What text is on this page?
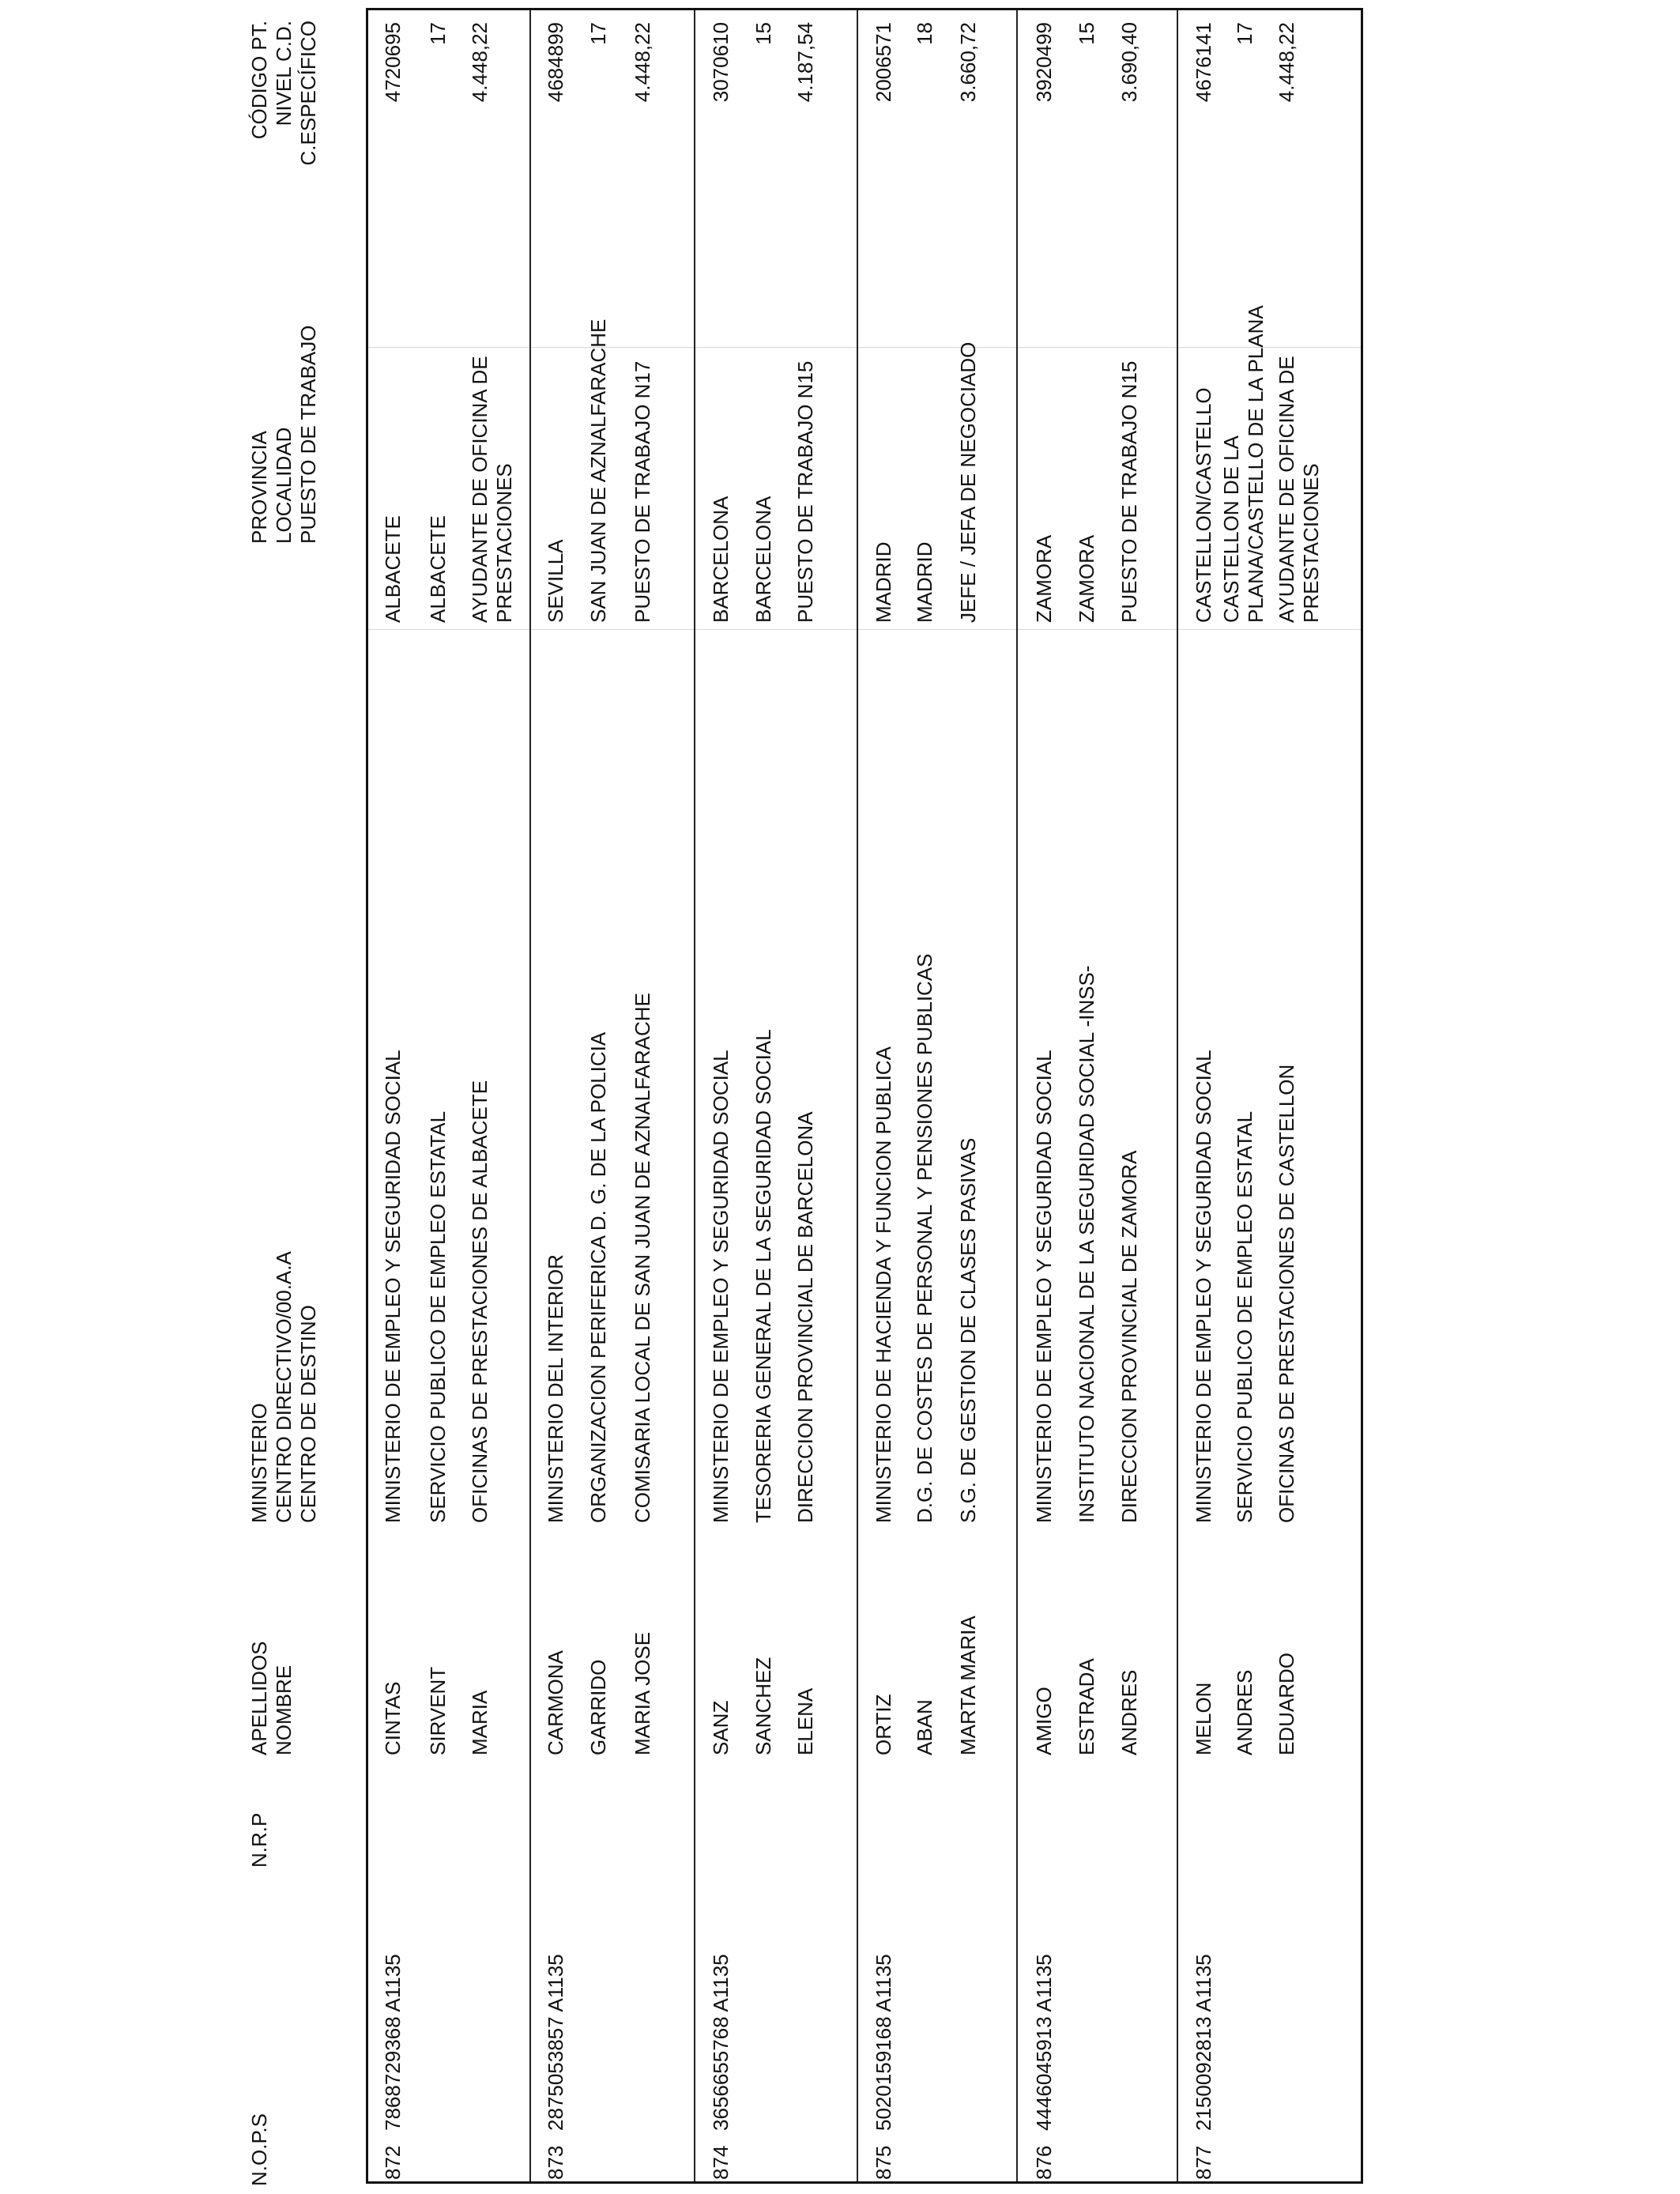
N.O.P.S
N.R.P
APELLIDOS NOMBRE
MINISTERIO CENTRO DIRECTIVO/00.A.A CENTRO DE DESTINO
PROVINCIA LOCALIDAD PUESTO DE TRABAJO
CÓDIGO PT. NIVEL C.D. C.ESPECÍFICO
872
7868729368 A1135
CINTAS SIRVENT MARIA
MINISTERIO DE EMPLEO Y SEGURIDAD SOCIAL SERVICIO PUBLICO DE EMPLEO ESTATAL OFICINAS DE PRESTACIONES DE ALBACETE
ALBACETE ALBACETE AYUDANTE DE OFICINA DE PRESTACIONES
4720695 17 4.448,22
873
2875053857 A1135
CARMONA GARRIDO MARIA JOSE
MINISTERIO DEL INTERIOR ORGANIZACION PERIFERICA D. G. DE LA POLICIA COMISARIA LOCAL DE SAN JUAN DE AZNALFARACHE
SEVILLA SAN JUAN DE AZNALFARACHE PUESTO DE TRABAJO N17
4684899 17 4.448,22
874
3656655768 A1135
SANZ SANCHEZ ELENA
MINISTERIO DE EMPLEO Y SEGURIDAD SOCIAL TESORERIA GENERAL DE LA SEGURIDAD SOCIAL DIRECCION PROVINCIAL DE BARCELONA
BARCELONA BARCELONA PUESTO DE TRABAJO N15
3070610 15 4.187,54
875
5020159168 A1135
ORTIZ ABAN MARTA MARIA
MINISTERIO DE HACIENDA Y FUNCION PUBLICA D.G. DE COSTES DE PERSONAL Y PENSIONES PUBLICAS S.G. DE GESTION DE CLASES PASIVAS
MADRID MADRID JEFE / JEFA DE NEGOCIADO
2006571 18 3.660,72
876
4446045913 A1135
AMIGO ESTRADA ANDRES
MINISTERIO DE EMPLEO Y SEGURIDAD SOCIAL INSTITUTO NACIONAL DE LA SEGURIDAD SOCIAL -INSS- DIRECCION PROVINCIAL DE ZAMORA
ZAMORA ZAMORA PUESTO DE TRABAJO N15
3920499 15 3.690,40
877
2150092813 A1135
MELON ANDRES EDUARDO
MINISTERIO DE EMPLEO Y SEGURIDAD SOCIAL SERVICIO PUBLICO DE EMPLEO ESTATAL OFICINAS DE PRESTACIONES DE CASTELLON
CASTELLON/CASTELLO CASTELLON DE LA PLANA/CASTELLO DE LA PLANA AYUDANTE DE OFICINA DE PRESTACIONES
4676141 17 4.448,22
